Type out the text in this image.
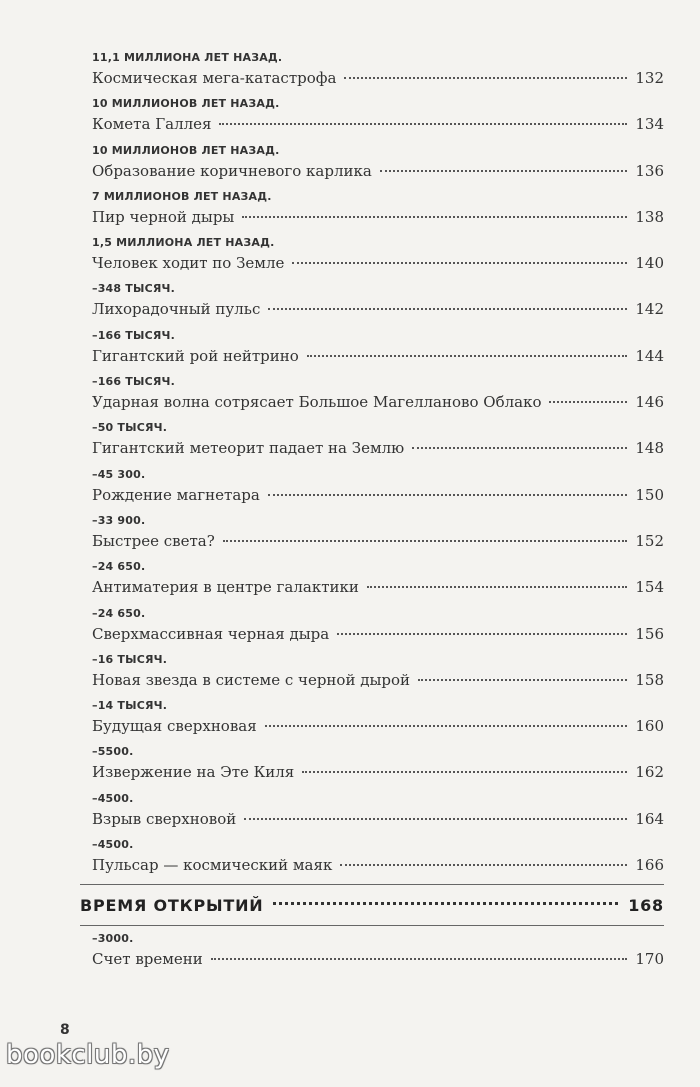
11,1 МИЛЛИОНА ЛЕТ НАЗАД.
Космическая мега-катастрофа	132
10 МИЛЛИОНОВ ЛЕТ НАЗАД.
Комета Галлея	134
10 МИЛЛИОНОВ ЛЕТ НАЗАД.
Образование коричневого карлика	136
7 МИЛЛИОНОВ ЛЕТ НАЗАД.
Пир черной дыры	138
1,5 МИЛЛИОНА ЛЕТ НАЗАД.
Человек ходит по Земле	140
–348 ТЫСЯЧ.
Лихорадочный пульс	142
–166 ТЫСЯЧ.
Гигантский рой нейтрино	144
–166 ТЫСЯЧ.
Ударная волна сотрясает Большое Магелланово Облако	146
–50 ТЫСЯЧ.
Гигантский метеорит падает на Землю	148
–45 300.
Рождение магнетара	150
–33 900.
Быстрее света?	152
–24 650.
Антиматерия в центре галактики	154
–24 650.
Сверхмассивная черная дыра	156
–16 ТЫСЯЧ.
Новая звезда в системе с черной дырой	158
–14 ТЫСЯЧ.
Будущая сверхновая	160
–5500.
Извержение на Эте Киля	162
–4500.
Взрыв сверхновой	164
–4500.
Пульсар — космический маяк	166
ВРЕМЯ ОТКРЫТИЙ	168
–3000.
Счет времени	170
8
bookclub.by
